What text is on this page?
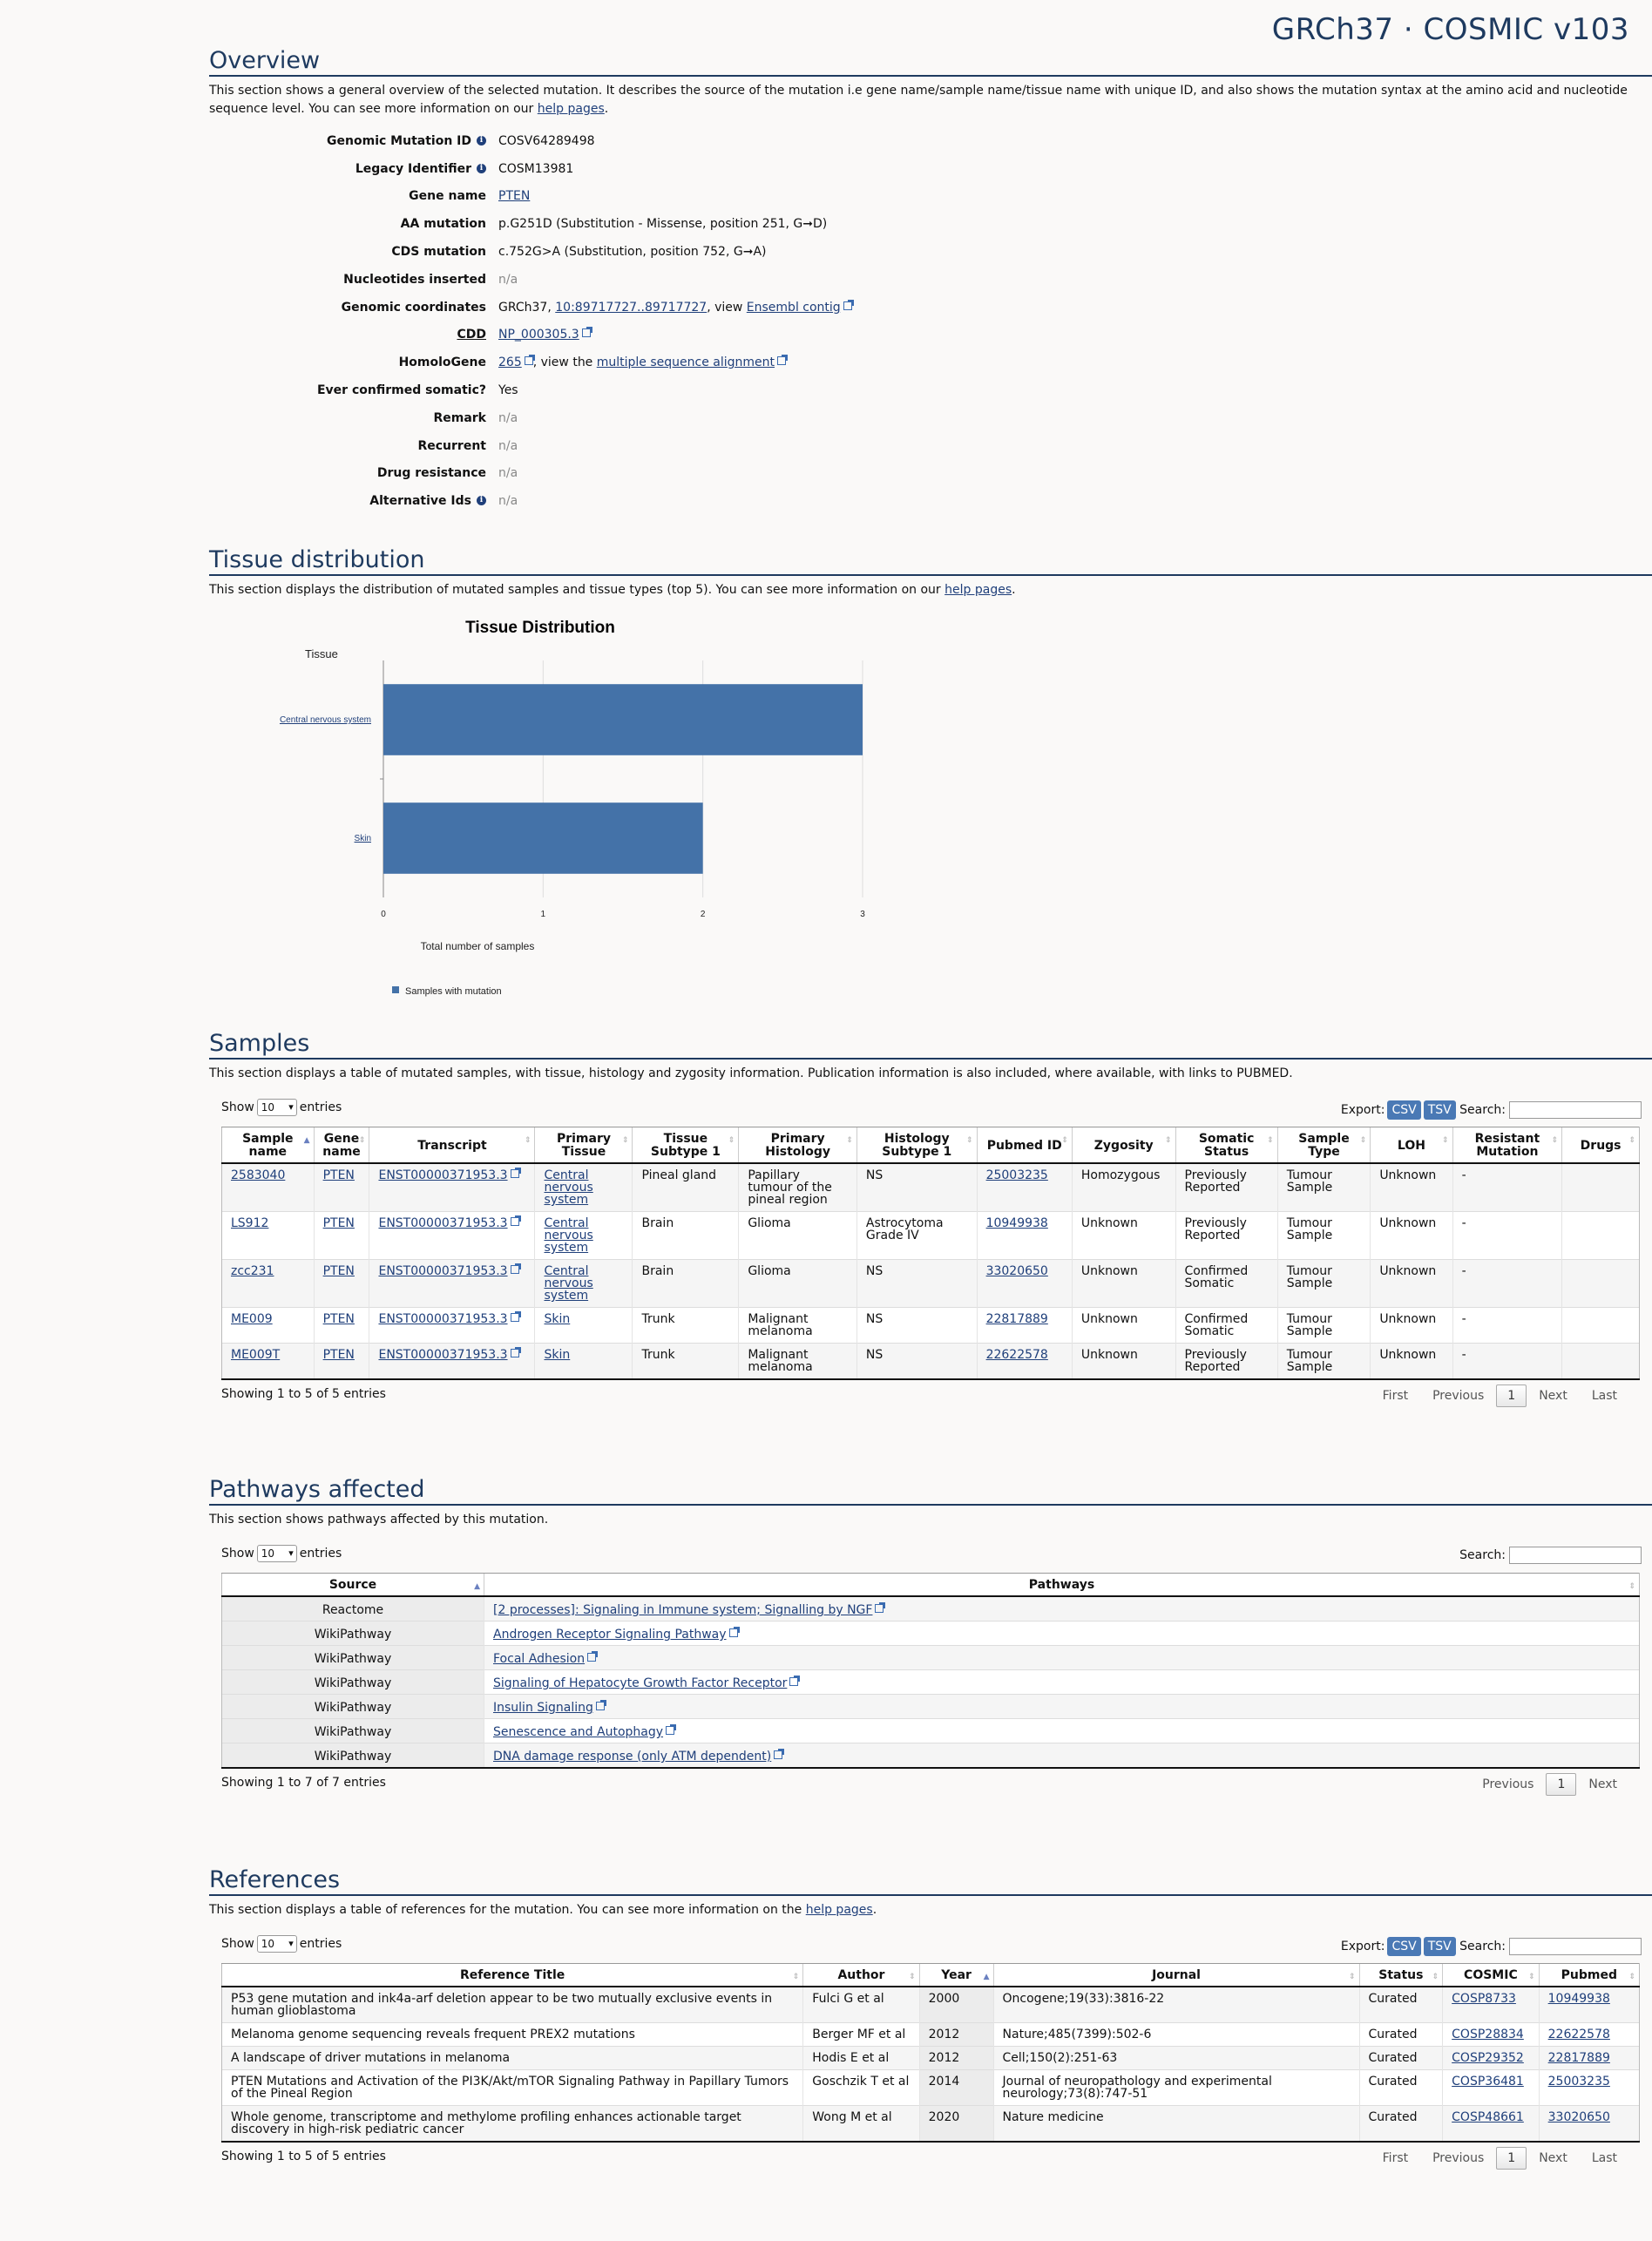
GRCh37 · COSMIC v103
Overview

This section shows a general overview of the selected mutation. It describes the source of the mutation i.e gene name/sample name/tissue name with unique ID, and also shows the mutation syntax at the amino acid and nucleotide sequence level. You can see more information on our help pages.

Genomic Mutation ID i	COSV64289498
Legacy Identifier i	COSM13981
Gene name	PTEN
AA mutation	p.G251D (Substitution - Missense, position 251, G➞D)
CDS mutation	c.752G>A (Substitution, position 752, G➞A)
Nucleotides inserted	n/a
Genomic coordinates	GRCh37, 10:89717727..89717727, view Ensembl contig
CDD	NP_000305.3
HomoloGene	265 , view the multiple sequence alignment
Ever confirmed somatic?	Yes
Remark	n/a
Recurrent	n/a
Drug resistance	n/a
Alternative Ids i	n/a
Tissue distribution

This section displays the distribution of mutated samples and tissue types (top 5). You can see more information on our help pages.

Tissue Distribution
Tissue
0	1	2	3
Central nervous system
Skin
Total number of samples
Samples with mutation
Samples

This section displays a table of mutated samples, with tissue, histology and zygosity information. Publication information is also included, where available, with links to PUBMED.

Show 10 ▾ entries	Export: CSV TSV Search:
Sample name ▲	Gene name ⇕	Transcript ⇕	Primary Tissue ⇕	Tissue Subtype 1 ⇕	Primary Histology ⇕	Histology Subtype 1 ⇕	Pubmed ID ⇕	Zygosity ⇕	Somatic Status ⇕	Sample Type ⇕	LOH ⇕	Resistant Mutation ⇕	Drugs ⇕
2583040	PTEN	ENST00000371953.3	Central nervous system	Pineal gland	Papillary tumour of the pineal region	NS	25003235	Homozygous	Previously Reported	Tumour Sample	Unknown	-	
LS912	PTEN	ENST00000371953.3	Central nervous system	Brain	Glioma	Astrocytoma Grade IV	10949938	Unknown	Previously Reported	Tumour Sample	Unknown	-	
zcc231	PTEN	ENST00000371953.3	Central nervous system	Brain	Glioma	NS	33020650	Unknown	Confirmed Somatic	Tumour Sample	Unknown	-	
ME009	PTEN	ENST00000371953.3	Skin	Trunk	Malignant melanoma	NS	22817889	Unknown	Confirmed Somatic	Tumour Sample	Unknown	-	
ME009T	PTEN	ENST00000371953.3	Skin	Trunk	Malignant melanoma	NS	22622578	Unknown	Previously Reported	Tumour Sample	Unknown	-	
Showing 1 to 5 of 5 entries	First Previous 1 Next Last
Pathways affected

This section shows pathways affected by this mutation.

Show 10 ▾ entries	Search:
Source ▲	Pathways ⇕
Reactome	[2 processes]: Signaling in Immune system; Signalling by NGF
WikiPathway	Androgen Receptor Signaling Pathway
WikiPathway	Focal Adhesion
WikiPathway	Signaling of Hepatocyte Growth Factor Receptor
WikiPathway	Insulin Signaling
WikiPathway	Senescence and Autophagy
WikiPathway	DNA damage response (only ATM dependent)
Showing 1 to 7 of 7 entries	Previous 1 Next
References

This section displays a table of references for the mutation. You can see more information on the help pages.

Show 10 ▾ entries	Export: CSV TSV Search:
Reference Title ⇕	Author ⇕	Year ▲	Journal ⇕	Status ⇕	COSMIC ⇕	Pubmed ⇕
P53 gene mutation and ink4a-arf deletion appear to be two mutually exclusive events in human glioblastoma	Fulci G et al	2000	Oncogene;19(33):3816-22	Curated	COSP8733	10949938
Melanoma genome sequencing reveals frequent PREX2 mutations	Berger MF et al	2012	Nature;485(7399):502-6	Curated	COSP28834	22622578
A landscape of driver mutations in melanoma	Hodis E et al	2012	Cell;150(2):251-63	Curated	COSP29352	22817889
PTEN Mutations and Activation of the PI3K/Akt/mTOR Signaling Pathway in Papillary Tumors of the Pineal Region	Goschzik T et al	2014	Journal of neuropathology and experimental neurology;73(8):747-51	Curated	COSP36481	25003235
Whole genome, transcriptome and methylome profiling enhances actionable target discovery in high-risk pediatric cancer	Wong M et al	2020	Nature medicine	Curated	COSP48661	33020650
Showing 1 to 5 of 5 entries	First Previous 1 Next Last
